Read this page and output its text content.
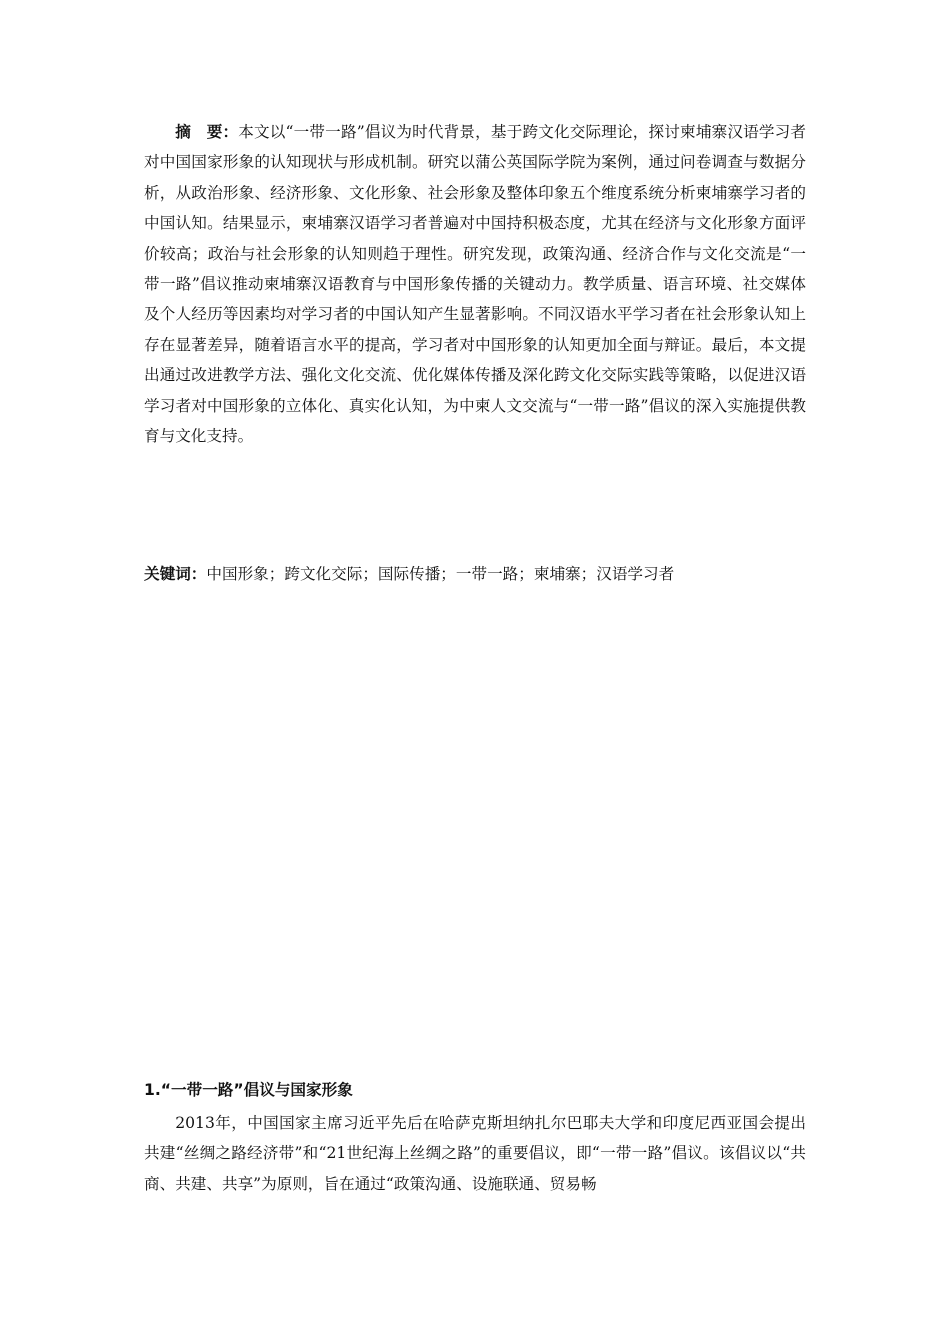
摘　要：本文以“一带一路”倡议为时代背景，基于跨文化交际理论，探讨柬埔寨汉语学习者对中国国家形象的认知现状与形成机制。研究以蒲公英国际学院为案例，通过问卷调查与数据分析，从政治形象、经济形象、文化形象、社会形象及整体印象五个维度系统分析柬埔寨学习者的中国认知。结果显示，柬埔寨汉语学习者普遍对中国持积极态度，尤其在经济与文化形象方面评价较高；政治与社会形象的认知则趋于理性。研究发现，政策沟通、经济合作与文化交流是“一带一路”倡议推动柬埔寨汉语教育与中国形象传播的关键动力。教学质量、语言环境、社交媒体及个人经历等因素均对学习者的中国认知产生显著影响。不同汉语水平学习者在社会形象认知上存在显著差异，随着语言水平的提高，学习者对中国形象的认知更加全面与辩证。最后，本文提出通过改进教学方法、强化文化交流、优化媒体传播及深化跨文化交际实践等策略，以促进汉语学习者对中国形象的立体化、真实化认知，为中柬人文交流与“一带一路”倡议的深入实施提供教育与文化支持。

关键词：中国形象；跨文化交际；国际传播；一带一路；柬埔寨；汉语学习者

1.“一带一路”倡议与国家形象

2013年，中国国家主席习近平先后在哈萨克斯坦纳扎尔巴耶夫大学和印度尼西亚国会提出共建“丝绸之路经济带”和“21世纪海上丝绸之路”的重要倡议，即“一带一路”倡议。该倡议以“共商、共建、共享”为原则，旨在通过“政策沟通、设施联通、贸易畅
